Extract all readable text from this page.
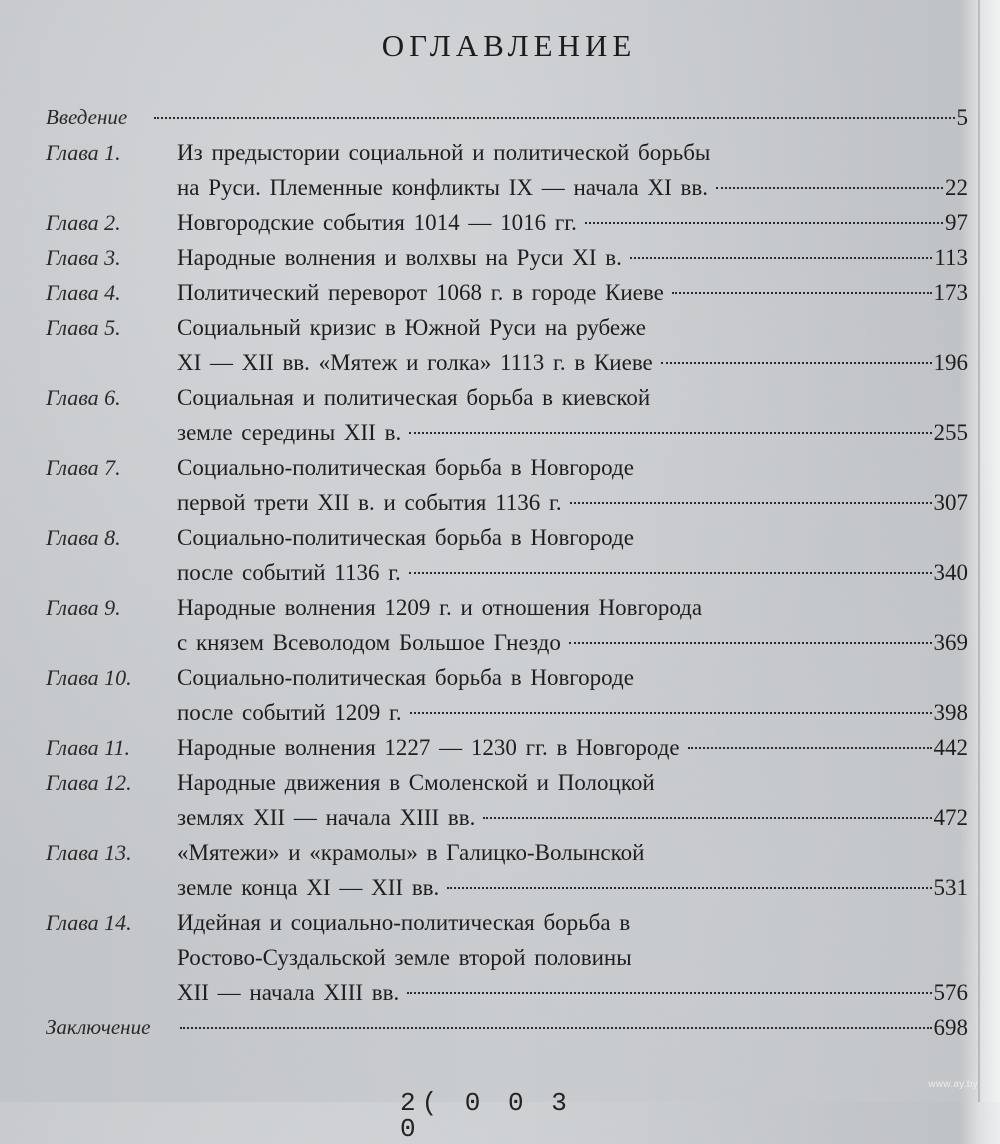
ОГЛАВЛЕНИЕ
Введение	5
Глава 1. Из предыстории социальной и политической борьбы
на Руси. Племенные конфликты IX — начала XI вв.	22
Глава 2. Новгородские события 1014 — 1016 гг.	97
Глава 3. Народные волнения и волхвы на Руси XI в.	113
Глава 4. Политический переворот 1068 г. в городе Киеве	173
Глава 5. Социальный кризис в Южной Руси на рубеже
XI — XII вв. «Мятеж и голка» 1113 г. в Киеве	196
Глава 6. Социальная и политическая борьба в киевской
земле середины XII в.	255
Глава 7. Социально-политическая борьба в Новгороде
первой трети XII в. и события 1136 г.	307
Глава 8. Социально-политическая борьба в Новгороде
после событий 1136 г.	340
Глава 9. Народные волнения 1209 г. и отношения Новгорода
с князем Всеволодом Большое Гнездо	369
Глава 10. Социально-политическая борьба в Новгороде
после событий 1209 г.	398
Глава 11. Народные волнения 1227 — 1230 гг. в Новгороде	442
Глава 12. Народные движения в Смоленской и Полоцкой
землях XII — начала XIII вв.	472
Глава 13. «Мятежи» и «крамолы» в Галицко-Волынской
земле конца XI — XII вв.	531
Глава 14. Идейная и социально-политическая борьба в
Ростово-Суздальской земле второй половины
XII — начала XIII вв.	576
Заключение	698
2( 0 0 3 0
www.ay.by
